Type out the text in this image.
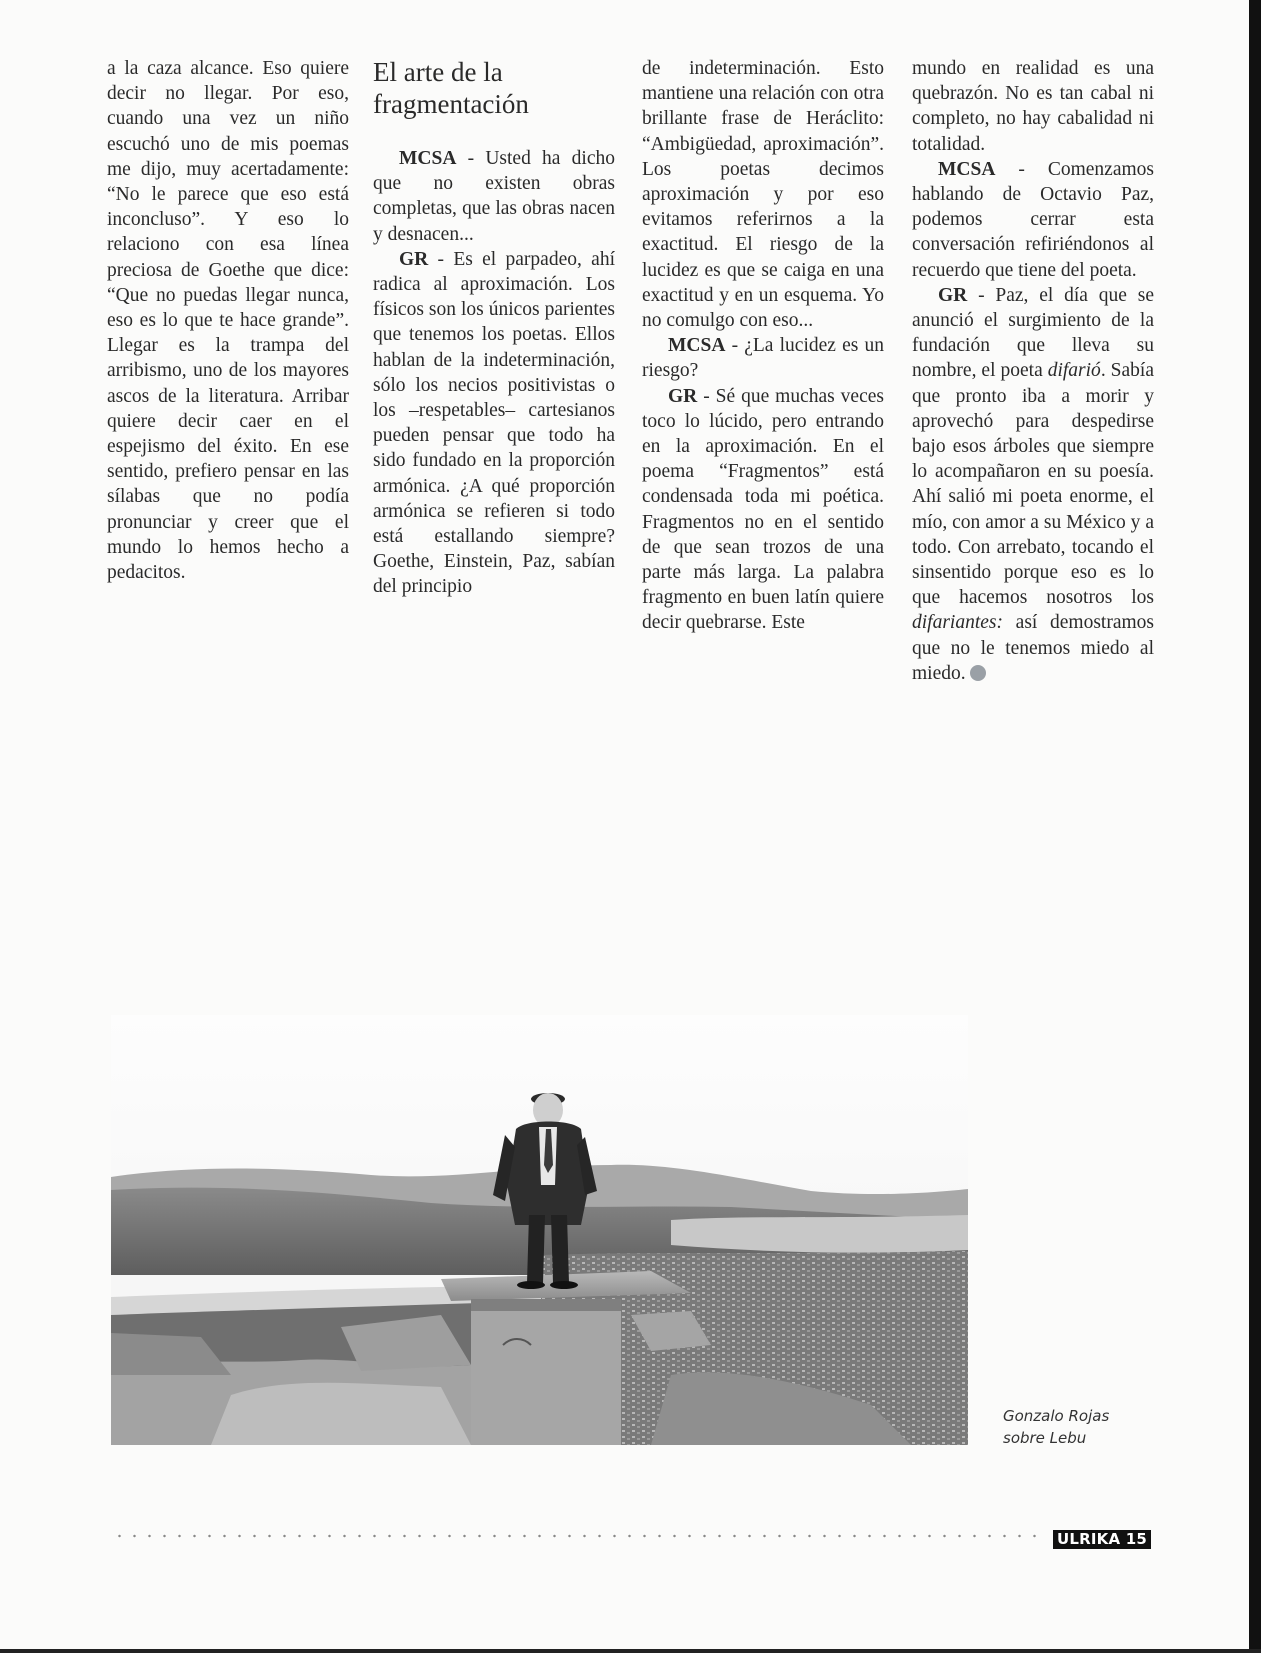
a la caza alcance. Eso quiere decir no llegar. Por eso, cuando una vez un niño escuchó uno de mis poemas me dijo, muy acertadamente: “No le parece que eso está inconcluso”. Y eso lo relaciono con esa línea preciosa de Goethe que dice: “Que no puedas llegar nunca, eso es lo que te hace grande”. Llegar es la trampa del arribismo, uno de los mayores ascos de la literatura. Arribar quiere decir caer en el espejismo del éxito. En ese sentido, prefiero pensar en las sílabas que no podía pronunciar y creer que el mundo lo hemos hecho a pedacitos.

El arte de la fragmentación

MCSA - Usted ha dicho que no existen obras completas, que las obras nacen y desnacen...

GR - Es el parpadeo, ahí radica al aproximación. Los físicos son los únicos parientes que tenemos los poetas. Ellos hablan de la indeterminación, sólo los necios positivistas o los –respetables– cartesianos pueden pensar que todo ha sido fundado en la proporción armónica. ¿A qué proporción armónica se refieren si todo está estallando siempre? Goethe, Einstein, Paz, sabían del principio

de indeterminación. Esto mantiene una relación con otra brillante frase de Heráclito: “Ambigüedad, aproximación”. Los poetas decimos aproximación y por eso evitamos referirnos a la exactitud. El riesgo de la lucidez es que se caiga en una exactitud y en un esquema. Yo no comulgo con eso...

MCSA - ¿La lucidez es un riesgo?

GR - Sé que muchas veces toco lo lúcido, pero entrando en la aproximación. En el poema “Fragmentos” está condensada toda mi poética. Fragmentos no en el sentido de que sean trozos de una parte más larga. La palabra fragmento en buen latín quiere decir quebrarse. Este

mundo en realidad es una quebrazón. No es tan cabal ni completo, no hay cabalidad ni totalidad.

MCSA - Comenzamos hablando de Octavio Paz, podemos cerrar esta conversación refiriéndonos al recuerdo que tiene del poeta.

GR - Paz, el día que se anunció el surgimiento de la fundación que lleva su nombre, el poeta difarió. Sabía que pronto iba a morir y aprovechó para despedirse bajo esos árboles que siempre lo acompañaron en su poesía. Ahí salió mi poeta enorme, el mío, con amor a su México y a todo. Con arrebato, tocando el sinsentido porque eso es lo que hacemos nosotros los difariantes: así demostramos que no le tenemos miedo al miedo.

Gonzalo Rojas
sobre Lebu
ULRIKA 15
